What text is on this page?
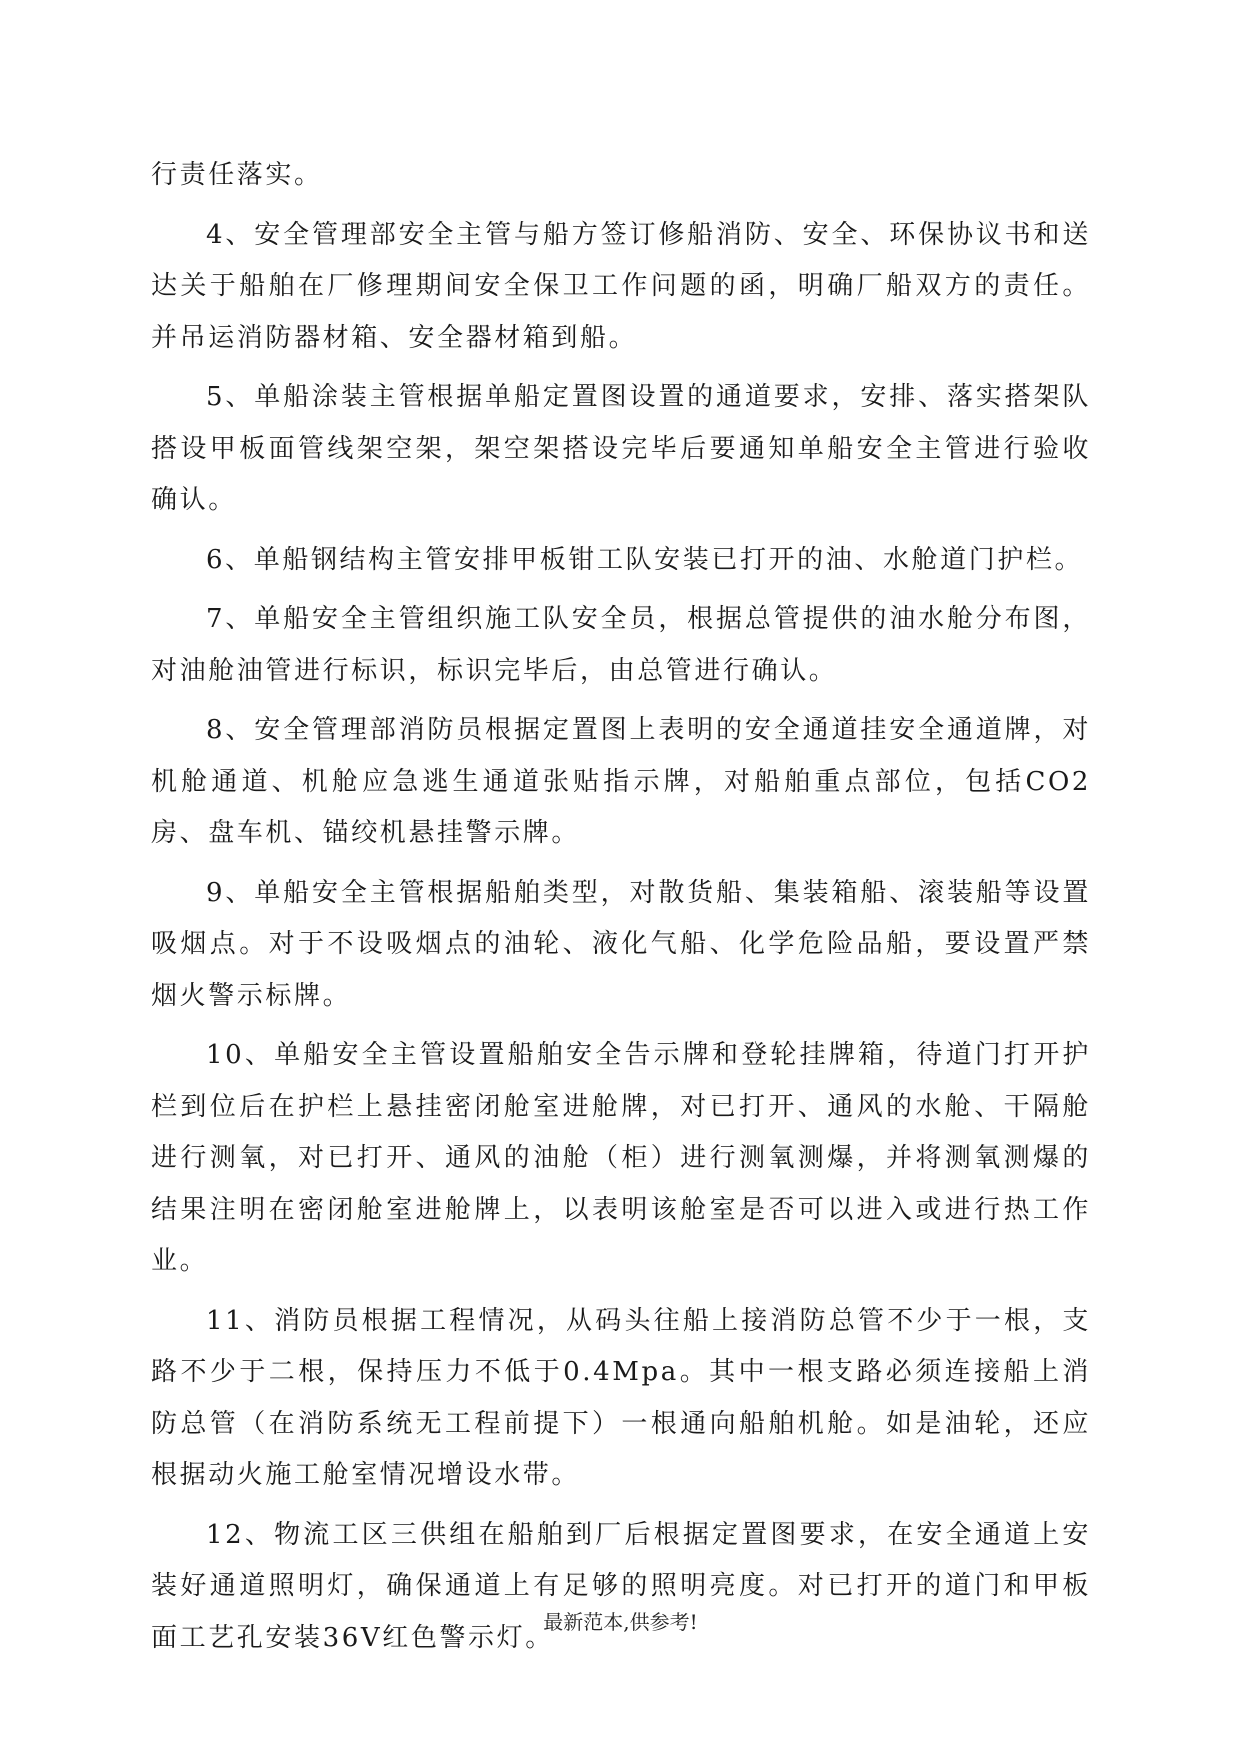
行责任落实。

4、安全管理部安全主管与船方签订修船消防、安全、环保协议书和送达关于船舶在厂修理期间安全保卫工作问题的函，明确厂船双方的责任。并吊运消防器材箱、安全器材箱到船。

5、单船涂装主管根据单船定置图设置的通道要求，安排、落实搭架队搭设甲板面管线架空架，架空架搭设完毕后要通知单船安全主管进行验收确认。

6、单船钢结构主管安排甲板钳工队安装已打开的油、水舱道门护栏。

7、单船安全主管组织施工队安全员，根据总管提供的油水舱分布图，对油舱油管进行标识，标识完毕后，由总管进行确认。

8、安全管理部消防员根据定置图上表明的安全通道挂安全通道牌，对机舱通道、机舱应急逃生通道张贴指示牌，对船舶重点部位，包括CO2房、盘车机、锚绞机悬挂警示牌。

9、单船安全主管根据船舶类型，对散货船、集装箱船、滚装船等设置吸烟点。对于不设吸烟点的油轮、液化气船、化学危险品船，要设置严禁烟火警示标牌。

10、单船安全主管设置船舶安全告示牌和登轮挂牌箱，待道门打开护栏到位后在护栏上悬挂密闭舱室进舱牌，对已打开、通风的水舱、干隔舱进行测氧，对已打开、通风的油舱（柜）进行测氧测爆，并将测氧测爆的结果注明在密闭舱室进舱牌上，以表明该舱室是否可以进入或进行热工作业。

11、消防员根据工程情况，从码头往船上接消防总管不少于一根，支路不少于二根，保持压力不低于0.4Mpa。其中一根支路必须连接船上消防总管（在消防系统无工程前提下）一根通向船舶机舱。如是油轮，还应根据动火施工舱室情况增设水带。

12、物流工区三供组在船舶到厂后根据定置图要求，在安全通道上安装好通道照明灯，确保通道上有足够的照明亮度。对已打开的道门和甲板面工艺孔安装36V红色警示灯。

最新范本,供参考!
